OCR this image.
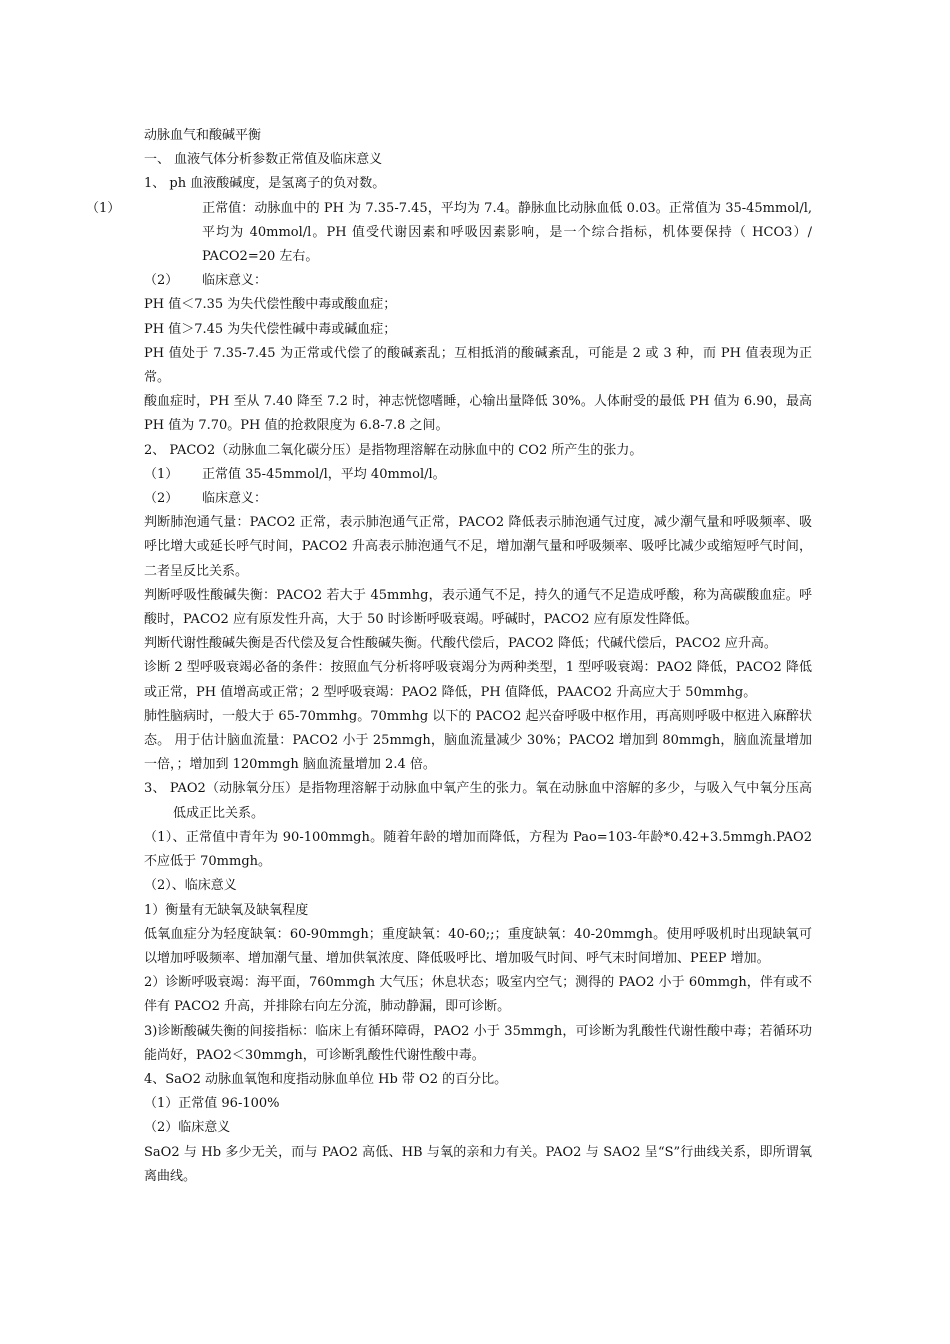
动脉血气和酸碱平衡

一、 血液气体分析参数正常值及临床意义

1、 ph 血液酸碱度，是氢离子的负对数。

（1）	正常值：动脉血中的 PH 为 7.35-7.45，平均为 7.4。静脉血比动脉血低 0.03。正常值为 35-45mmol/l,平均为 40mmol/l。PH 值受代谢因素和呼吸因素影响，是一个综合指标，机体要保持（ HCO3）/ PACO2=20 左右。

（2） 临床意义：

PH 值＜7.35 为失代偿性酸中毒或酸血症；

PH 值＞7.45 为失代偿性碱中毒或碱血症；

PH 值处于 7.35-7.45 为正常或代偿了的酸碱紊乱；互相抵消的酸碱紊乱，可能是 2 或 3 种，而 PH 值表现为正常。

酸血症时，PH 至从 7.40 降至 7.2 时，神志恍惚嗜睡，心输出量降低 30%。人体耐受的最低 PH 值为 6.90，最高 PH 值为 7.70。PH 值的抢救限度为 6.8-7.8 之间。

2、 PACO2（动脉血二氧化碳分压）是指物理溶解在动脉血中的 CO2 所产生的张力。

（1） 正常值 35-45mmol/l，平均 40mmol/l。

（2） 临床意义：

判断肺泡通气量：PACO2 正常，表示肺泡通气正常，PACO2 降低表示肺泡通气过度，减少潮气量和呼吸频率、吸呼比增大或延长呼气时间，PACO2 升高表示肺泡通气不足，增加潮气量和呼吸频率、吸呼比减少或缩短呼气时间，二者呈反比关系。

判断呼吸性酸碱失衡：PACO2 若大于 45mmhg，表示通气不足，持久的通气不足造成呼酸，称为高碳酸血症。呼酸时，PACO2 应有原发性升高，大于 50 时诊断呼吸衰竭。呼碱时，PACO2 应有原发性降低。

判断代谢性酸碱失衡是否代偿及复合性酸碱失衡。代酸代偿后，PACO2 降低；代碱代偿后，PACO2 应升高。

诊断 2 型呼吸衰竭必备的条件：按照血气分析将呼吸衰竭分为两种类型，1 型呼吸衰竭：PAO2 降低，PACO2 降低或正常，PH 值增高或正常；2 型呼吸衰竭：PAO2 降低，PH 值降低，PAACO2 升高应大于 50mmhg。

肺性脑病时，一般大于 65-70mmhg。70mmhg 以下的 PACO2 起兴奋呼吸中枢作用，再高则呼吸中枢进入麻醉状态。 用于估计脑血流量：PACO2 小于 25mmgh，脑血流量减少 30%；PACO2 增加到 80mmgh，脑血流量增加一倍，；增加到 120mmgh 脑血流量增加 2.4 倍。

3、 PAO2（动脉氧分压）是指物理溶解于动脉血中氧产生的张力。氧在动脉血中溶解的多少，与吸入气中氧分压高低成正比关系。

（1）、正常值中青年为 90-100mmgh。随着年龄的增加而降低，方程为 Pao=103-年龄*0.42+3.5mmgh.PAO2 不应低于 70mmgh。

（2）、临床意义

1）衡量有无缺氧及缺氧程度

低氧血症分为轻度缺氧：60-90mmgh；重度缺氧：40-60;;；重度缺氧：40-20mmgh。使用呼吸机时出现缺氧可以增加呼吸频率、增加潮气量、增加供氧浓度、降低吸呼比、增加吸气时间、呼气末时间增加、PEEP 增加。

2）诊断呼吸衰竭：海平面，760mmgh 大气压；休息状态；吸室内空气；测得的 PAO2 小于 60mmgh，伴有或不伴有 PACO2 升高，并排除右向左分流，肺动静漏，即可诊断。

3)诊断酸碱失衡的间接指标：临床上有循环障碍，PAO2 小于 35mmgh，可诊断为乳酸性代谢性酸中毒；若循环功能尚好，PAO2＜30mmgh，可诊断乳酸性代谢性酸中毒。

4、SaO2 动脉血氧饱和度指动脉血单位 Hb 带 O2 的百分比。

（1）正常值 96-100%

（2）临床意义

SaO2 与 Hb 多少无关，而与 PAO2 高低、HB 与氧的亲和力有关。PAO2 与 SAO2 呈“S”行曲线关系，即所谓氧离曲线。
